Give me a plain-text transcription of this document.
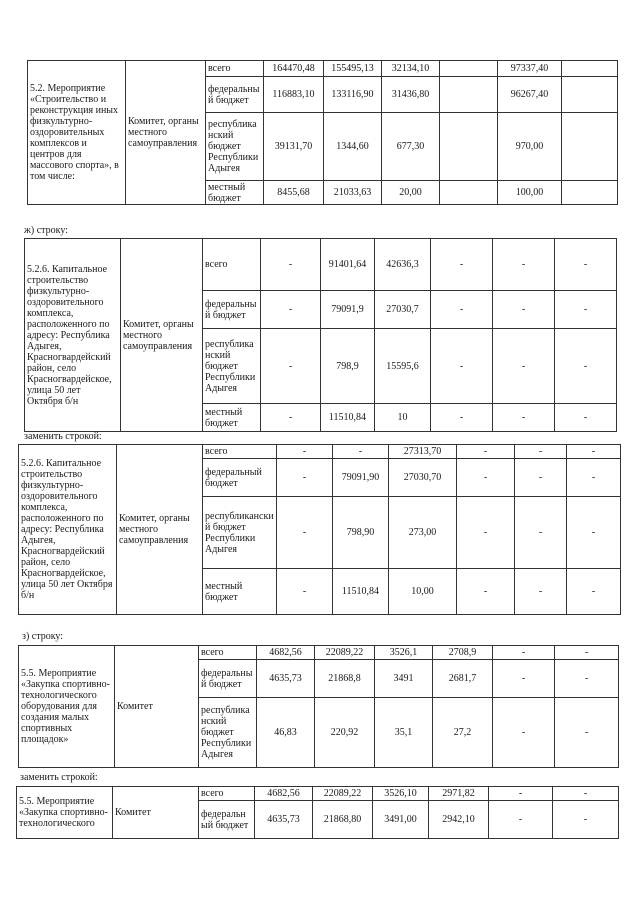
5.2. Мероприятие «Строительство и реконструкция иных физкультурно-оздоровительных комплексов и центров для массового спорта», в том числе:	Комитет, органы местного самоуправления	всего	164470,48	155495,13	32134,10		97337,40	
		федеральный бюджет	116883,10	133116,90	31436,80		96267,40	
		республиканский бюджет Республики Адыгея	39131,70	1344,60	677,30		970,00	
		местный бюджет	8455,68	21033,63	20,00		100,00	
ж) строку:
5.2.6. Капитальное строительство физкультурно-оздоровительного комплекса, расположенного по адресу: Республика Адыгея, Красногвардейский район, село Красногвардейское, улица 50 лет Октября б/н	Комитет, органы местного самоуправления	всего	-	91401,64	42636,3	-	-	-
		федеральный бюджет	-	79091,9	27030,7	-	-	-
		республиканский бюджет Республики Адыгея	-	798,9	15595,6	-	-	-
		местный бюджет	-	11510,84	10	-	-	-
заменить строкой:
5.2.6. Капитальное строительство физкультурно-оздоровительного комплекса, расположенного по адресу: Республика Адыгея, Красногвардейский район, село Красногвардейское, улица 50 лет Октября б/н	Комитет, органы местного самоуправления	всего	-	-	27313,70	-	-	-
		федеральный бюджет	-	79091,90	27030,70	-	-	-
		республиканский бюджет Республики Адыгея	-	798,90	273,00	-	-	-
		местный бюджет	-	11510,84	10,00	-	-	-
з) строку:
5.5. Мероприятие «Закупка спортивно-технологического оборудования для создания малых спортивных площадок»	Комитет	всего	4682,56	22089,22	3526,1	2708,9	-	-
		федеральный бюджет	4635,73	21868,8	3491	2681,7	-	-
		республиканский бюджет Республики Адыгея	46,83	220,92	35,1	27,2	-	-
заменить строкой:
5.5. Мероприятие «Закупка спортивно-технологического	Комитет	всего	4682,56	22089,22	3526,10	2971,82	-	-
		федеральный бюджет	4635,73	21868,80	3491,00	2942,10	-	-
